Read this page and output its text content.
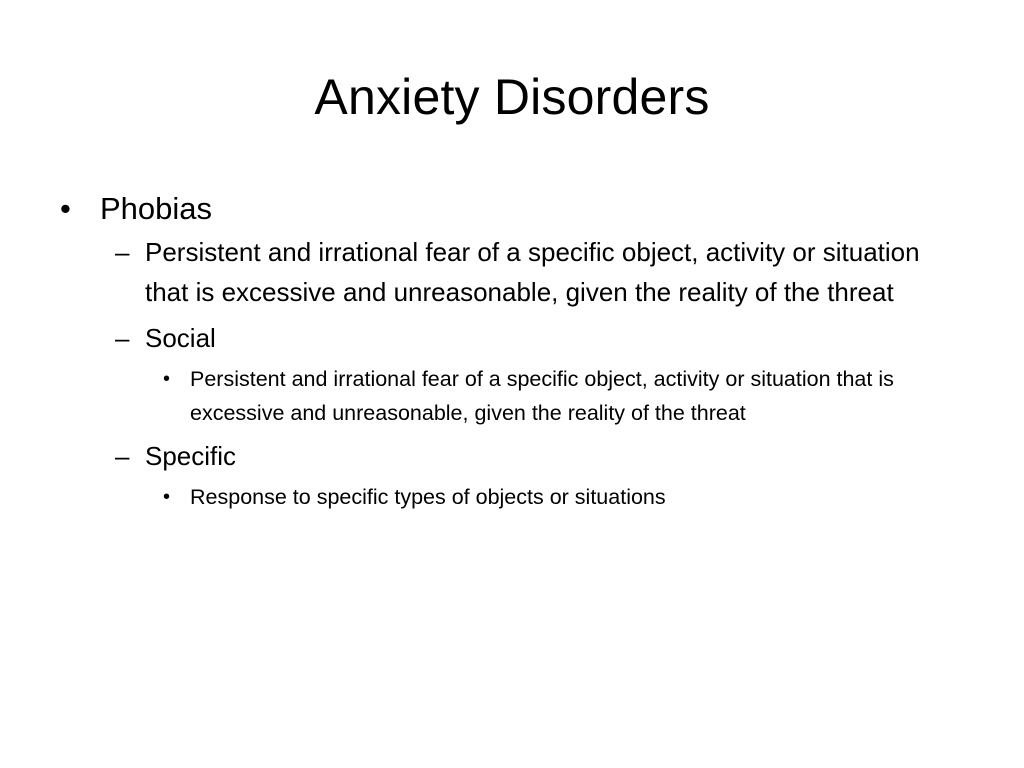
Anxiety Disorders
• Phobias
– Persistent and irrational fear of a specific object, activity or situation that is excessive and unreasonable, given the reality of the threat
– Social
• Persistent and irrational fear of a specific object, activity or situation that is excessive and unreasonable, given the reality of the threat
– Specific
• Response to specific types of objects or situations
